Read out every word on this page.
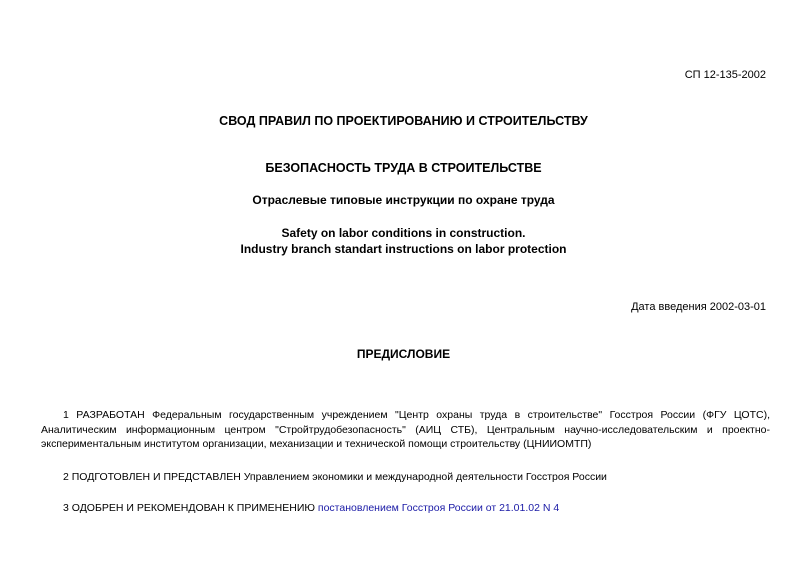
СП 12-135-2002
СВОД ПРАВИЛ ПО ПРОЕКТИРОВАНИЮ И СТРОИТЕЛЬСТВУ
БЕЗОПАСНОСТЬ ТРУДА В СТРОИТЕЛЬСТВЕ
Отраслевые типовые инструкции по охране труда
Safety on labor conditions in construction.
Industry branch standart instructions on labor protection
Дата введения 2002-03-01
ПРЕДИСЛОВИЕ
1 РАЗРАБОТАН Федеральным государственным учреждением "Центр охраны труда в строительстве" Госстроя России (ФГУ ЦОТС), Аналитическим информационным центром "Стройтрудобезопасность" (АИЦ СТБ), Центральным научно-исследовательским и проектно-экспериментальным институтом организации, механизации и технической помощи строительству (ЦНИИОМТП)
2 ПОДГОТОВЛЕН И ПРЕДСТАВЛЕН Управлением экономики и международной деятельности Госстроя России
3 ОДОБРЕН И РЕКОМЕНДОВАН К ПРИМЕНЕНИЮ постановлением Госстроя России от 21.01.02 N 4
